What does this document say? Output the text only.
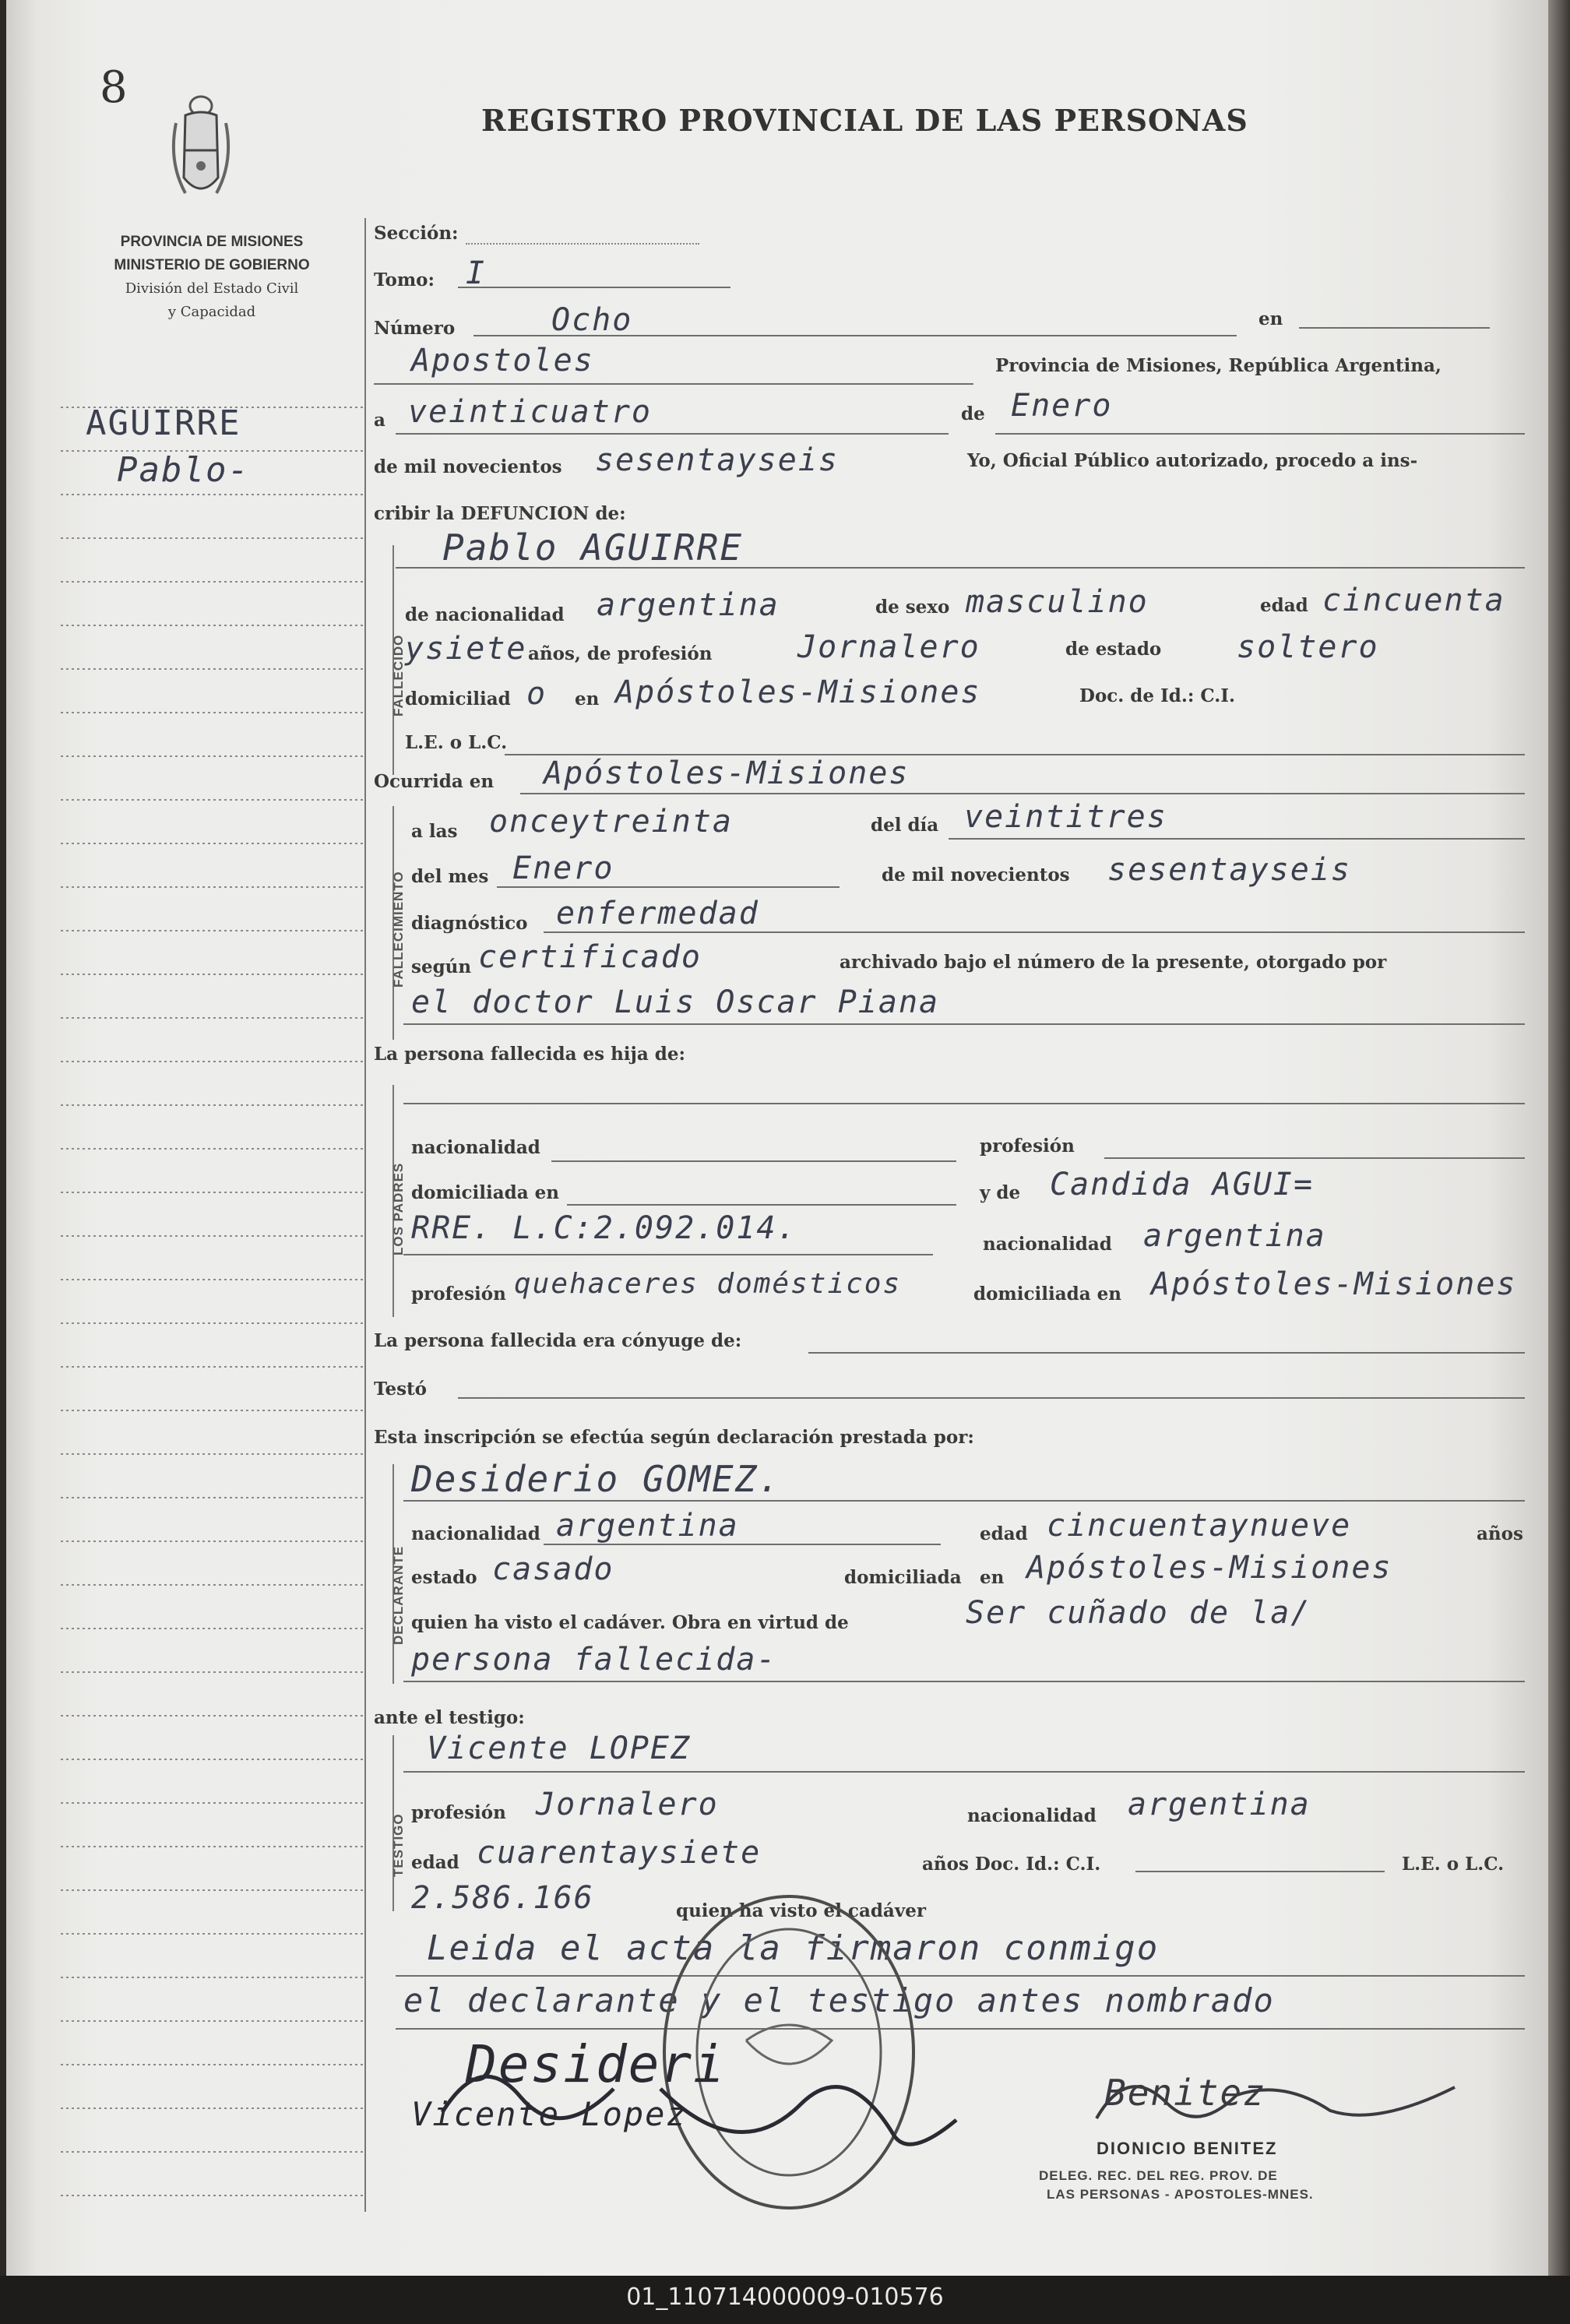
8
REGISTRO PROVINCIAL DE LAS PERSONAS
PROVINCIA DE MISIONES
MINISTERIO DE GOBIERNO
División del Estado Civil
y Capacidad
AGUIRRE
Pablo-
FALLECIDO
FALLECIMIENTO
LOS PADRES
DECLARANTE
TESTIGO
Sección:
Tomo: I
Número	Ocho	en
Apostoles	Provincia de Misiones, República Argentina,
a veinticuatro	de Enero
de mil novecientos sesentayseis	Yo, Oficial Público autorizado, procedo a ins-
cribir la DEFUNCION de:
Pablo AGUIRRE
de nacionalidad argentina	de sexo masculino	edad cincuenta
ysiete años, de profesión	Jornalero	de estado soltero
domiciliad o en Apóstoles-Misiones	Doc. de Id.: C.I.
L.E. o L.C.
Ocurrida en Apóstoles-Misiones
a las onceytreinta	del día veintitres
del mes Enero	de mil novecientos sesentayseis
diagnóstico enfermedad
según certificado	archivado bajo el número de la presente, otorgado por
el doctor Luis Oscar Piana
La persona fallecida es hija de:
nacionalidad	profesión
domiciliada en	y de Candida AGUI=
RRE. L.C:2.092.014.	nacionalidad argentina
profesión quehaceres domésticos	domiciliada en Apóstoles-Misiones
La persona fallecida era cónyuge de:
Testó
Esta inscripción se efectúa según declaración prestada por:
Desiderio GOMEZ.
nacionalidad argentina	edad cincuentaynueve	años
estado casado	domiciliada en Apóstoles-Misiones
quien ha visto el cadáver. Obra en virtud de	Ser cuñado de la/
persona fallecida-
ante el testigo:
Vicente LOPEZ
profesión Jornalero	nacionalidad argentina
edad cuarentaysiete	años Doc. Id.: C.I.	L.E. o L.C.
2.586.166	quien ha visto el cadáver
Leida el acta la firmaron conmigo
el declarante y el testigo antes nombrado
Desideri
Vicente Lopez
Benitez
DIONICIO BENITEZ
DELEG. REC. DEL REG. PROV. DE
LAS PERSONAS - APOSTOLES-MNES.
01_110714000009-010576
